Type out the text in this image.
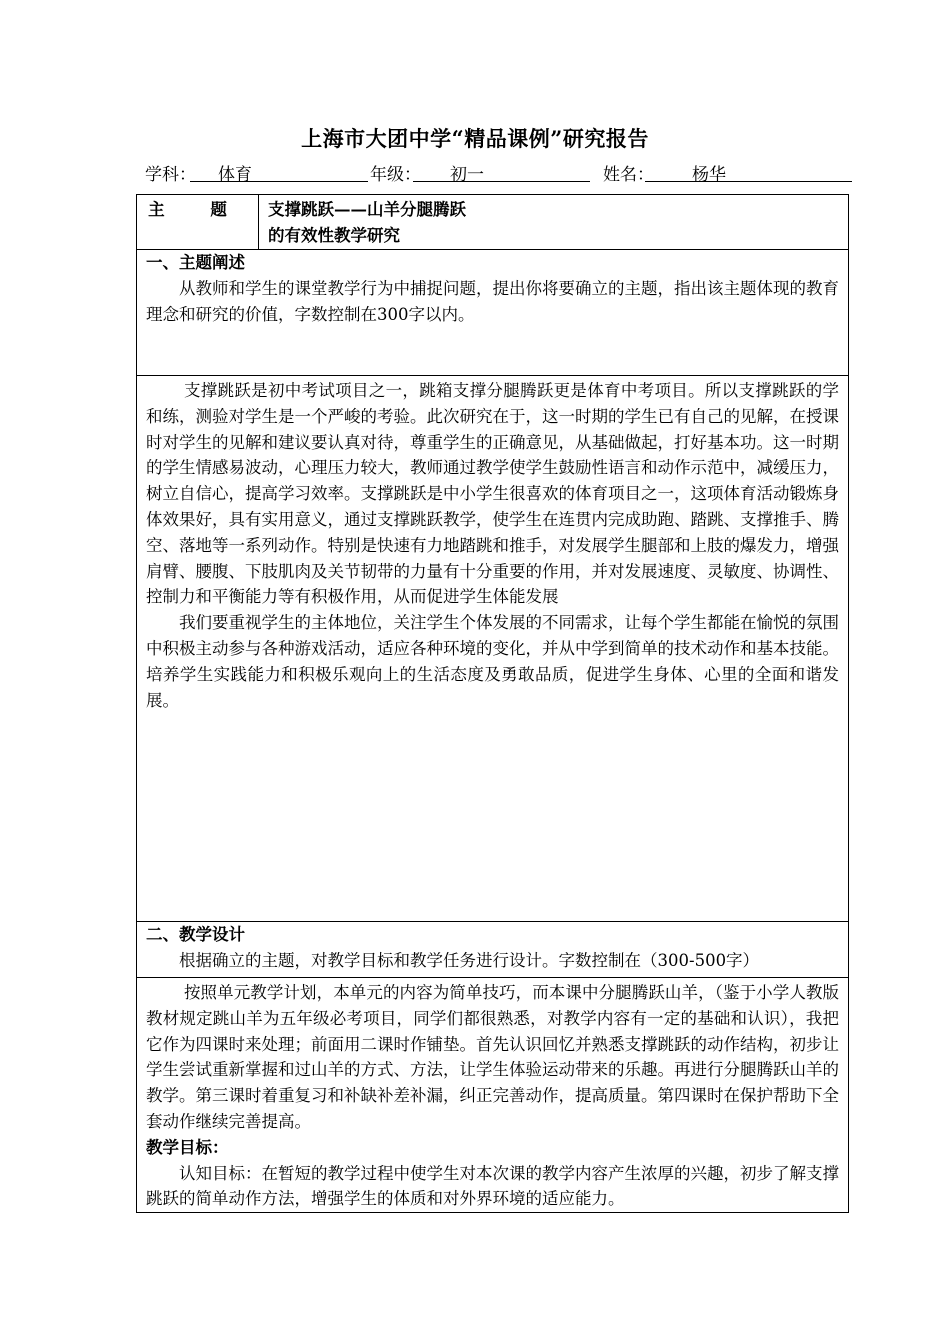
上海市大团中学“精品课例”研究报告
学科：	体育	年级：	初一	姓名：	杨华
主 题	支撑跳跃——山羊分腿腾跃
的有效性教学研究

一、主题阐述

从教师和学生的课堂教学行为中捕捉问题，提出你将要确立的主题，指出该主题体现的教育理念和研究的价值，字数控制在300字以内。

支撑跳跃是初中考试项目之一，跳箱支撑分腿腾跃更是体育中考项目。所以支撑跳跃的学和练，测验对学生是一个严峻的考验。此次研究在于，这一时期的学生已有自己的见解，在授课时对学生的见解和建议要认真对待，尊重学生的正确意见，从基础做起，打好基本功。这一时期的学生情感易波动，心理压力较大，教师通过教学使学生鼓励性语言和动作示范中，减缓压力，树立自信心，提高学习效率。支撑跳跃是中小学生很喜欢的体育项目之一，这项体育活动锻炼身体效果好，具有实用意义，通过支撑跳跃教学，使学生在连贯内完成助跑、踏跳、支撑推手、腾空、落地等一系列动作。特别是快速有力地踏跳和推手，对发展学生腿部和上肢的爆发力，增强肩臂、腰腹、下肢肌肉及关节韧带的力量有十分重要的作用，并对发展速度、灵敏度、协调性、控制力和平衡能力等有积极作用，从而促进学生体能发展

我们要重视学生的主体地位，关注学生个体发展的不同需求，让每个学生都能在愉悦的氛围中积极主动参与各种游戏活动，适应各种环境的变化，并从中学到简单的技术动作和基本技能。培养学生实践能力和积极乐观向上的生活态度及勇敢品质，促进学生身体、心里的全面和谐发展。

二、教学设计

根据确立的主题，对教学目标和教学任务进行设计。字数控制在（300-500字）

按照单元教学计划，本单元的内容为简单技巧，而本课中分腿腾跃山羊，（鉴于小学人教版教材规定跳山羊为五年级必考项目，同学们都很熟悉，对教学内容有一定的基础和认识），我把它作为四课时来处理；前面用二课时作铺垫。首先认识回忆并熟悉支撑跳跃的动作结构，初步让学生尝试重新掌握和过山羊的方式、方法，让学生体验运动带来的乐趣。再进行分腿腾跃山羊的教学。第三课时着重复习和补缺补差补漏，纠正完善动作，提高质量。第四课时在保护帮助下全套动作继续完善提高。

教学目标：

认知目标：在暂短的教学过程中使学生对本次课的教学内容产生浓厚的兴趣，初步了解支撑跳跃的简单动作方法，增强学生的体质和对外界环境的适应能力。
